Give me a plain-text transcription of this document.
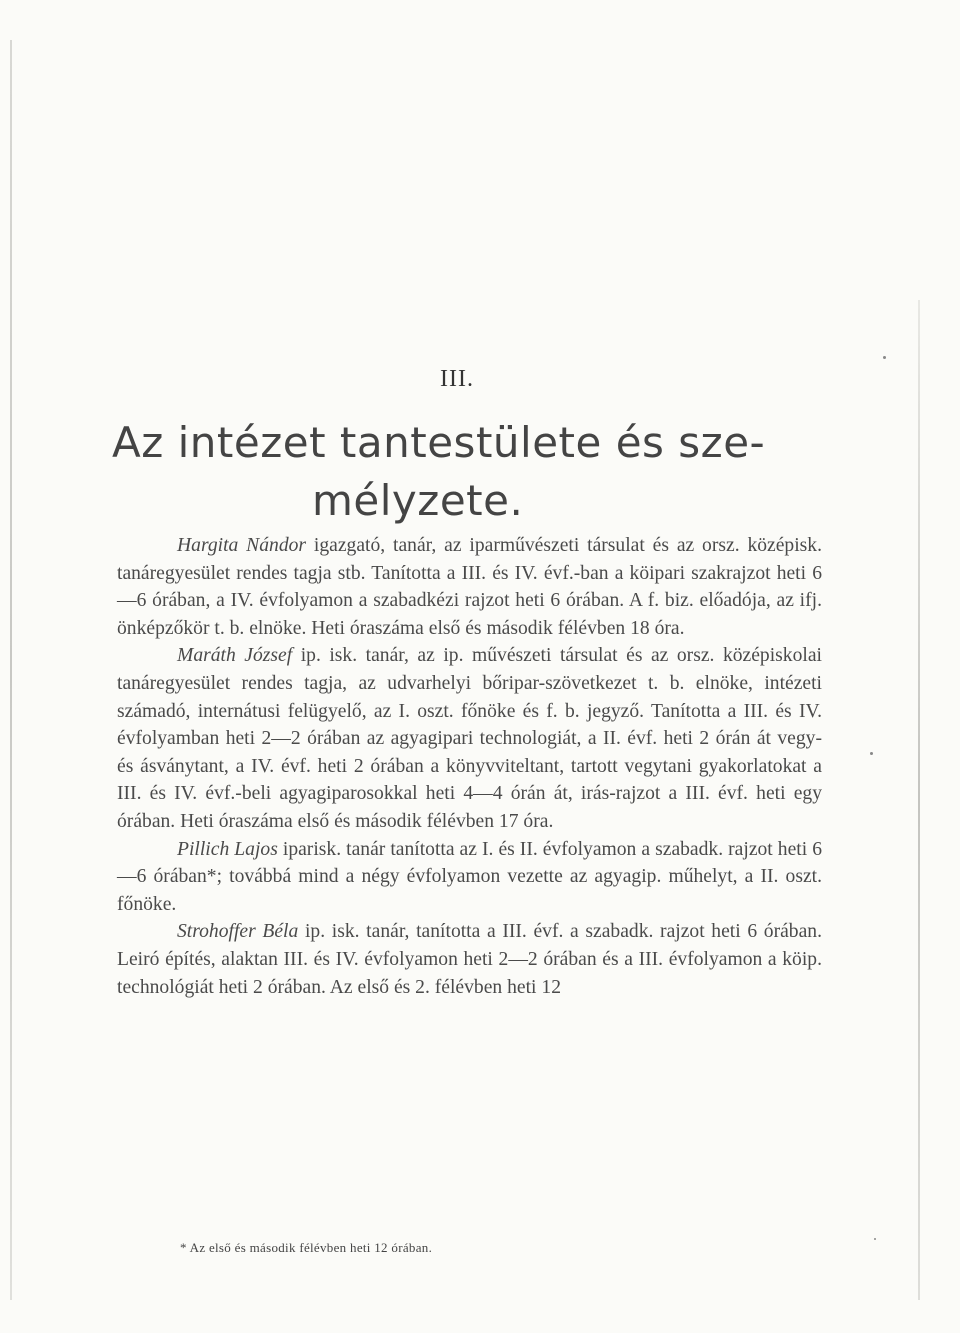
III.
Az intézet tantestülete és sze-
mélyzete.

Hargita Nándor igazgató, tanár, az iparművészeti társulat és az orsz. középisk. tanáregyesület rendes tagja stb. Tanította a III. és IV. évf.-ban a köipari szakrajzot heti 6—6 órában, a IV. évfolyamon a szabadkézi rajzot heti 6 órában. A f. biz. előadója, az ifj. önképzőkör t. b. elnöke. Heti óraszáma első és második félévben 18 óra.

Maráth József ip. isk. tanár, az ip. művészeti társulat és az orsz. középiskolai tanáregyesület rendes tagja, az udvarhelyi bőripar-szövetkezet t. b. elnöke, intézeti számadó, internátusi felügyelő, az I. oszt. főnöke és f. b. jegyző. Tanította a III. és IV. évfolyamban heti 2—2 órában az agyagipari technologiát, a II. évf. heti 2 órán át vegy- és ásványtant, a IV. évf. heti 2 órában a könyvviteltant, tartott vegytani gyakorlatokat a III. és IV. évf.-beli agyagiparosokkal heti 4—4 órán át, irás-rajzot a III. évf. heti egy órában. Heti óraszáma első és második félévben 17 óra.

Pillich Lajos iparisk. tanár tanította az I. és II. évfolyamon a szabadk. rajzot heti 6—6 órában*; továbbá mind a négy évfolyamon vezette az agyagip. műhelyt, a II. oszt. főnöke.

Strohoffer Béla ip. isk. tanár, tanította a III. évf. a szabadk. rajzot heti 6 órában. Leiró építés, alaktan III. és IV. évfolyamon heti 2—2 órában és a III. évfolyamon a köip. technológiát heti 2 órában. Az első és 2. félévben heti 12

* Az első és második félévben heti 12 órában.
